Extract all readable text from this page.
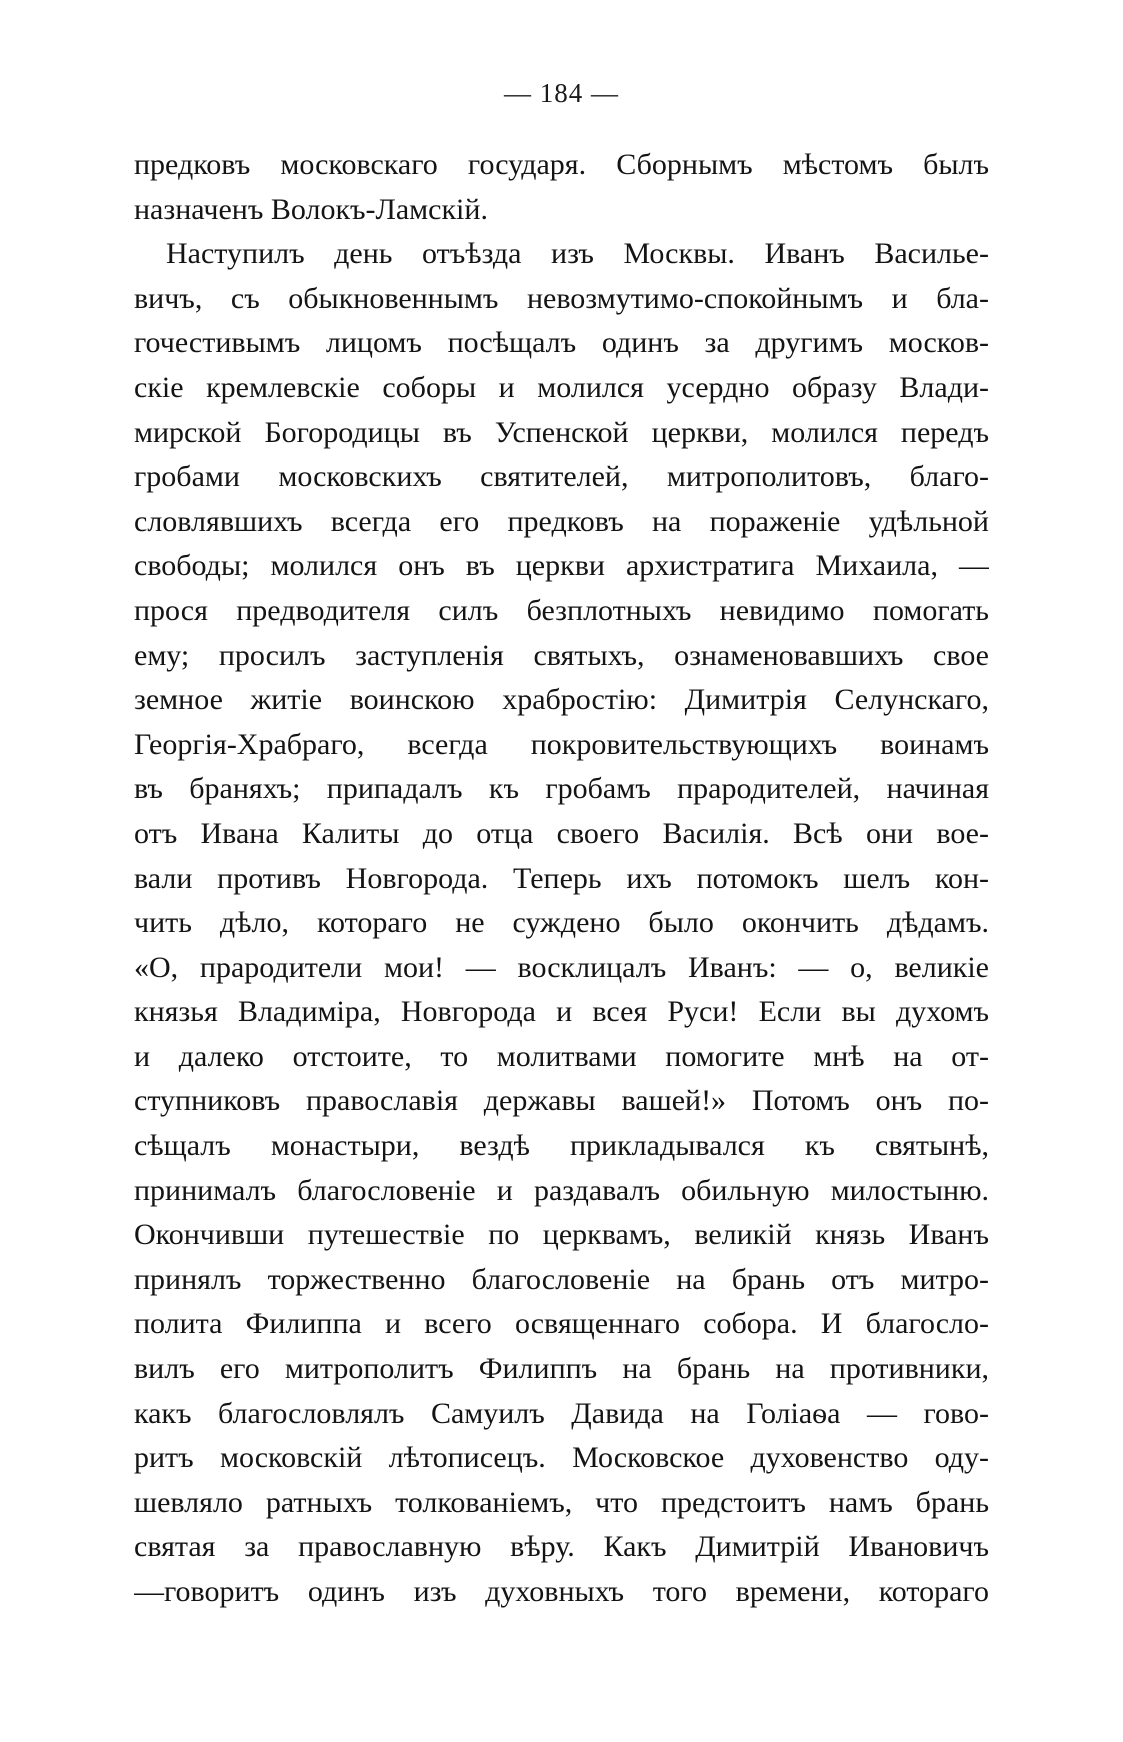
— 184 —
предковъ московскаго государя. Сборнымъ мѣстомъ былъ
назначенъ Волокъ-Ламскій.
Наступилъ день отъѣзда изъ Москвы. Иванъ Василье-
вичъ, съ обыкновеннымъ невозмутимо-спокойнымъ и бла-
гочестивымъ лицомъ посѣщалъ одинъ за другимъ москов-
скіе кремлевскіе соборы и молился усердно образу Влади-
мирской Богородицы въ Успенской церкви, молился передъ
гробами московскихъ святителей, митрополитовъ, благо-
словлявшихъ всегда его предковъ на пораженіе удѣльной
свободы; молился онъ въ церкви архистратига Михаила, —
прося предводителя силъ безплотныхъ невидимо помогать
ему; просилъ заступленія святыхъ, ознаменовавшихъ свое
земное житіе воинскою храбростію: Димитрія Селунскаго,
Георгія-Храбраго, всегда покровительствующихъ воинамъ
въ браняхъ; припадалъ къ гробамъ прародителей, начиная
отъ Ивана Калиты до отца своего Василія. Всѣ они вое-
вали противъ Новгорода. Теперь ихъ потомокъ шелъ кон-
чить дѣло, котораго не суждено было окончить дѣдамъ.
«О, прародители мои! — восклицалъ Иванъ: — о, великіе
князья Владиміра, Новгорода и всея Руси! Если вы духомъ
и далеко отстоите, то молитвами помогите мнѣ на от-
ступниковъ православія державы вашей!» Потомъ онъ по-
сѣщалъ монастыри, вездѣ прикладывался къ святынѣ,
принималъ благословеніе и раздавалъ обильную милостыню.
Окончивши путешествіе по церквамъ, великій князь Иванъ
принялъ торжественно благословеніе на брань отъ митро-
полита Филиппа и всего освященнаго собора. И благосло-
вилъ его митрополитъ Филиппъ на брань на противники,
какъ благословлялъ Самуилъ Давида на Голіаѳа — гово-
ритъ московскій лѣтописецъ. Московское духовенство оду-
шевляло ратныхъ толкованіемъ, что предстоитъ намъ брань
святая за православную вѣру. Какъ Димитрій Ивановичъ
—говоритъ одинъ изъ духовныхъ того времени, котораго
